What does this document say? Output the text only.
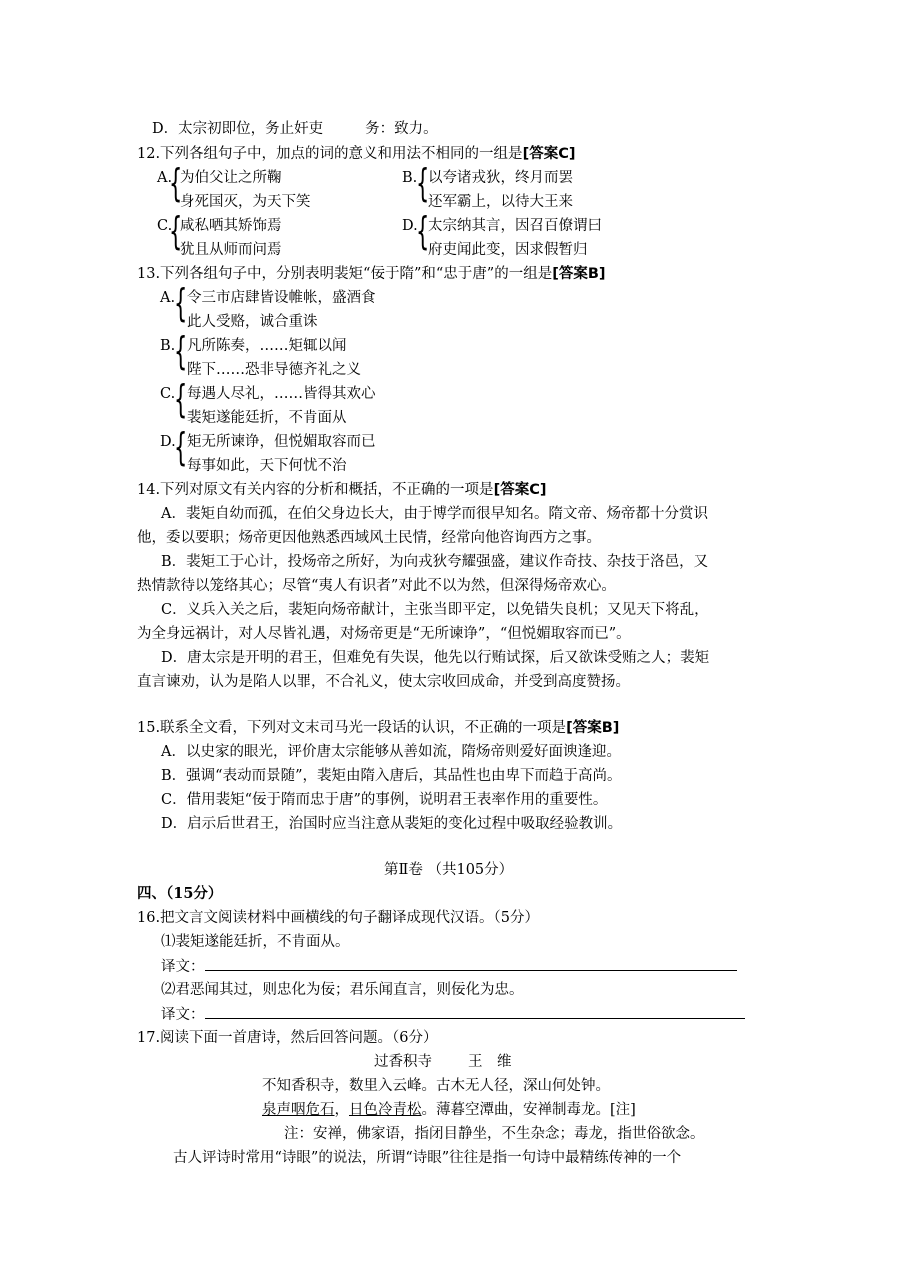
D．太宗初即位，务止奸吏	务：致力。
12.下列各组句子中，加点的词的意义和用法不相同的一组是[答案C]
A.
{
为伯父让之所鞠
身死国灭，为天下笑
B.
{
以夸诸戎狄，终月而罢
还军霸上，以待大王来
C.
{
咸私哂其矫饰焉
犹且从师而问焉
D.
{
太宗纳其言，因召百僚谓曰
府吏闻此变，因求假暂归
13.下列各组句子中，分别表明裴矩“佞于隋”和“忠于唐”的一组是[答案B]
A.
{ 令三市店肆皆设帷帐，盛酒食
此人受赂，诚合重诛
B.
{ 凡所陈奏，……矩辄以闻
陛下……恐非导德齐礼之义
C.
{ 每遇人尽礼，……皆得其欢心
裴矩遂能廷折，不肯面从
D.
{ 矩无所谏诤，但悦媚取容而已
每事如此，天下何忧不治
14.下列对原文有关内容的分析和概括，不正确的一项是[答案C]
A．裴矩自幼而孤，在伯父身边长大，由于博学而很早知名。隋文帝、炀帝都十分赏识
他，委以要职；炀帝更因他熟悉西域风土民情，经常向他咨询西方之事。
B．裴矩工于心计，投炀帝之所好，为向戎狄夸耀强盛，建议作奇技、杂技于洛邑，又
热情款待以笼络其心；尽管“夷人有识者”对此不以为然，但深得炀帝欢心。
C．义兵入关之后，裴矩向炀帝献计，主张当即平定，以免错失良机；又见天下将乱，
为全身远祸计，对人尽皆礼遇，对炀帝更是“无所谏诤”，“但悦媚取容而已”。
D．唐太宗是开明的君王，但难免有失误，他先以行贿试探，后又欲诛受贿之人；裴矩
直言谏劝，认为是陷人以罪，不合礼义，使太宗收回成命，并受到高度赞扬。
15.联系全文看，下列对文末司马光一段话的认识，不正确的一项是[答案B]
A．以史家的眼光，评价唐太宗能够从善如流，隋炀帝则爱好面谀逢迎。
B．强调“表动而景随”，裴矩由隋入唐后，其品性也由卑下而趋于高尚。
C．借用裴矩“佞于隋而忠于唐”的事例，说明君王表率作用的重要性。
D．启示后世君王，治国时应当注意从裴矩的变化过程中吸取经验教训。
第Ⅱ卷 （共105分）
四、（15分）
16.把文言文阅读材料中画横线的句子翻译成现代汉语。（5分）
⑴裴矩遂能廷折，不肯面从。
译文：
⑵君恶闻其过，则忠化为佞；君乐闻直言，则佞化为忠。
译文：
17.阅读下面一首唐诗，然后回答问题。（6分）
过香积寺 王　维
不知香积寺，数里入云峰。古木无人径，深山何处钟。
泉声咽危石，日色冷青松。薄暮空潭曲，安禅制毒龙。[注]
注：安禅，佛家语，指闭目静坐，不生杂念；毒龙，指世俗欲念。
古人评诗时常用“诗眼”的说法，所谓“诗眼”往往是指一句诗中最精练传神的一个
